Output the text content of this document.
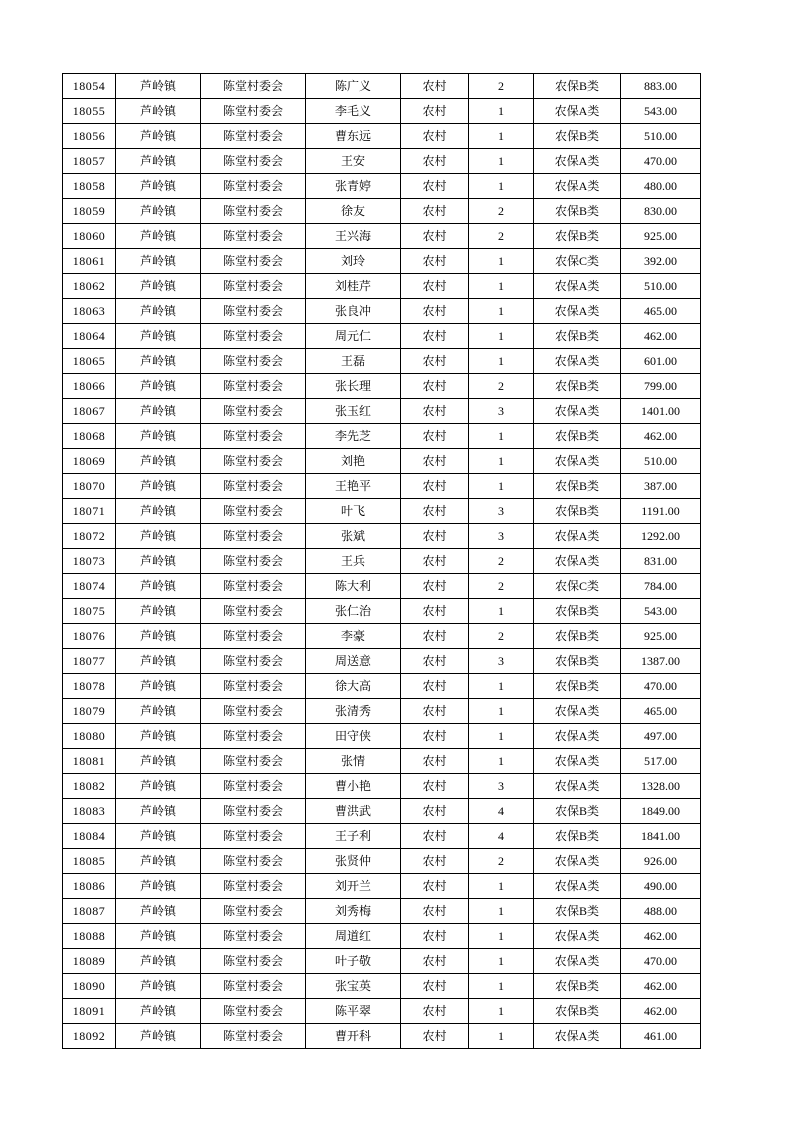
18054	芦岭镇	陈堂村委会	陈广义	农村	2	农保B类	883.00
18055	芦岭镇	陈堂村委会	李毛义	农村	1	农保A类	543.00
18056	芦岭镇	陈堂村委会	曹东远	农村	1	农保B类	510.00
18057	芦岭镇	陈堂村委会	王安	农村	1	农保A类	470.00
18058	芦岭镇	陈堂村委会	张青婷	农村	1	农保A类	480.00
18059	芦岭镇	陈堂村委会	徐友	农村	2	农保B类	830.00
18060	芦岭镇	陈堂村委会	王兴海	农村	2	农保B类	925.00
18061	芦岭镇	陈堂村委会	刘玲	农村	1	农保C类	392.00
18062	芦岭镇	陈堂村委会	刘桂芹	农村	1	农保A类	510.00
18063	芦岭镇	陈堂村委会	张良冲	农村	1	农保A类	465.00
18064	芦岭镇	陈堂村委会	周元仁	农村	1	农保B类	462.00
18065	芦岭镇	陈堂村委会	王磊	农村	1	农保A类	601.00
18066	芦岭镇	陈堂村委会	张长理	农村	2	农保B类	799.00
18067	芦岭镇	陈堂村委会	张玉红	农村	3	农保A类	1401.00
18068	芦岭镇	陈堂村委会	李先芝	农村	1	农保B类	462.00
18069	芦岭镇	陈堂村委会	刘艳	农村	1	农保A类	510.00
18070	芦岭镇	陈堂村委会	王艳平	农村	1	农保B类	387.00
18071	芦岭镇	陈堂村委会	叶飞	农村	3	农保B类	1191.00
18072	芦岭镇	陈堂村委会	张斌	农村	3	农保A类	1292.00
18073	芦岭镇	陈堂村委会	王兵	农村	2	农保A类	831.00
18074	芦岭镇	陈堂村委会	陈大利	农村	2	农保C类	784.00
18075	芦岭镇	陈堂村委会	张仁治	农村	1	农保B类	543.00
18076	芦岭镇	陈堂村委会	李豪	农村	2	农保B类	925.00
18077	芦岭镇	陈堂村委会	周送意	农村	3	农保B类	1387.00
18078	芦岭镇	陈堂村委会	徐大高	农村	1	农保B类	470.00
18079	芦岭镇	陈堂村委会	张清秀	农村	1	农保A类	465.00
18080	芦岭镇	陈堂村委会	田守侠	农村	1	农保A类	497.00
18081	芦岭镇	陈堂村委会	张情	农村	1	农保A类	517.00
18082	芦岭镇	陈堂村委会	曹小艳	农村	3	农保A类	1328.00
18083	芦岭镇	陈堂村委会	曹洪武	农村	4	农保B类	1849.00
18084	芦岭镇	陈堂村委会	王子利	农村	4	农保B类	1841.00
18085	芦岭镇	陈堂村委会	张贤仲	农村	2	农保A类	926.00
18086	芦岭镇	陈堂村委会	刘开兰	农村	1	农保A类	490.00
18087	芦岭镇	陈堂村委会	刘秀梅	农村	1	农保B类	488.00
18088	芦岭镇	陈堂村委会	周道红	农村	1	农保A类	462.00
18089	芦岭镇	陈堂村委会	叶子敬	农村	1	农保A类	470.00
18090	芦岭镇	陈堂村委会	张宝英	农村	1	农保B类	462.00
18091	芦岭镇	陈堂村委会	陈平翠	农村	1	农保B类	462.00
18092	芦岭镇	陈堂村委会	曹开科	农村	1	农保A类	461.00
